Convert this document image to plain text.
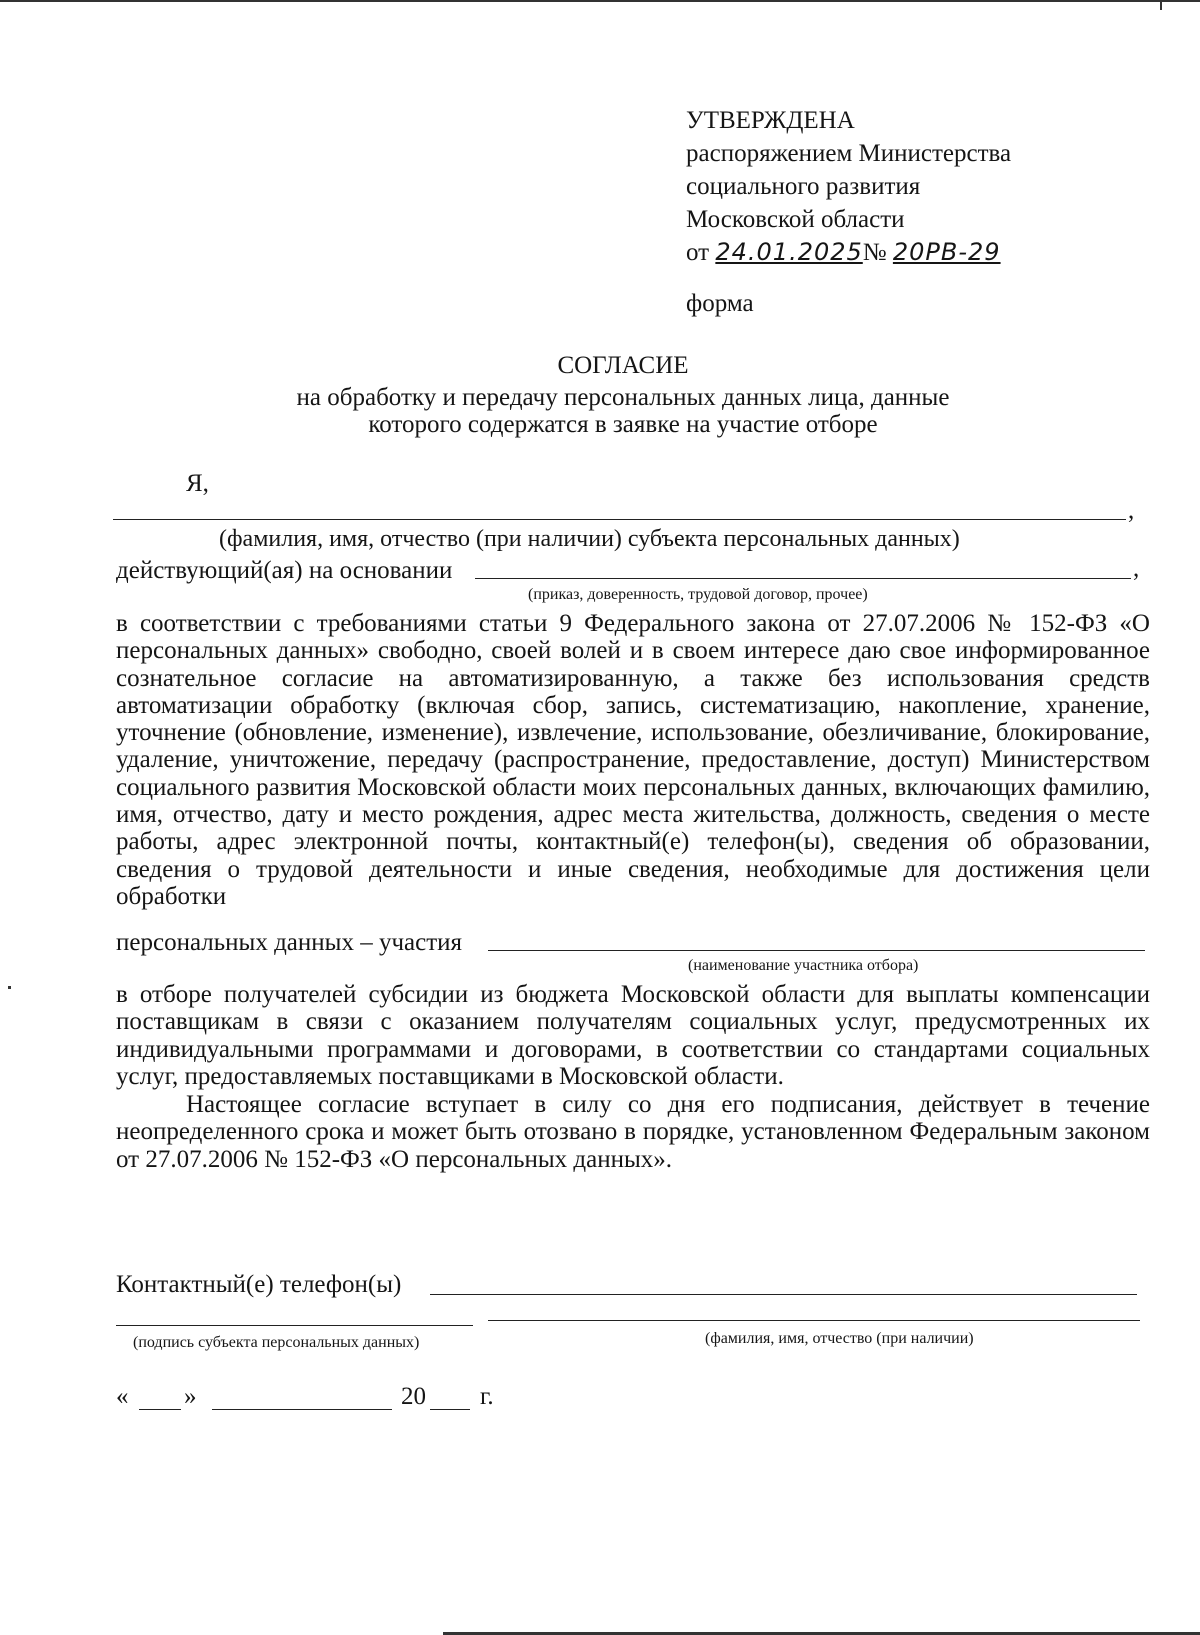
УТВЕРЖДЕНА
распоряжением Министерства
социального развития
Московской области
от 24.01.2025№ 20РВ-29
форма
СОГЛАСИЕ
на обработку и передачу персональных данных лица, данные
которого содержатся в заявке на участие отборе
Я,
,
(фамилия, имя, отчество (при наличии) субъекта персональных данных)
действующий(ая) на основании	,
(приказ, доверенность, трудовой договор, прочее)
в соответствии с требованиями статьи 9 Федерального закона от 27.07.2006 № 152-ФЗ «О персональных данных» свободно, своей волей и в своем интересе даю свое информированное сознательное согласие на автоматизированную, а также без использования средств автоматизации обработку (включая сбор, запись, систематизацию, накопление, хранение, уточнение (обновление, изменение), извлечение, использование, обезличивание, блокирование, удаление, уничтожение, передачу (распространение, предоставление, доступ) Министерством социального развития Московской области моих персональных данных, включающих фамилию, имя, отчество, дату и место рождения, адрес места жительства, должность, сведения о месте работы, адрес электронной почты, контактный(е) телефон(ы), сведения об образовании, сведения о трудовой деятельности и иные сведения, необходимые для достижения цели обработки
персональных данных – участия
(наименование участника отбора)
в отборе получателей субсидии из бюджета Московской области для выплаты компенсации поставщикам в связи с оказанием получателям социальных услуг, предусмотренных их индивидуальными программами и договорами, в соответствии со стандартами социальных услуг, предоставляемых поставщиками в Московской области.
Настоящее согласие вступает в силу со дня его подписания, действует в течение неопределенного срока и может быть отозвано в порядке, установленном Федеральным законом от 27.07.2006 № 152-ФЗ «О персональных данных».
Контактный(е) телефон(ы)
(подпись субъекта персональных данных)	(фамилия, имя, отчество (при наличии)
« »	20 г.
